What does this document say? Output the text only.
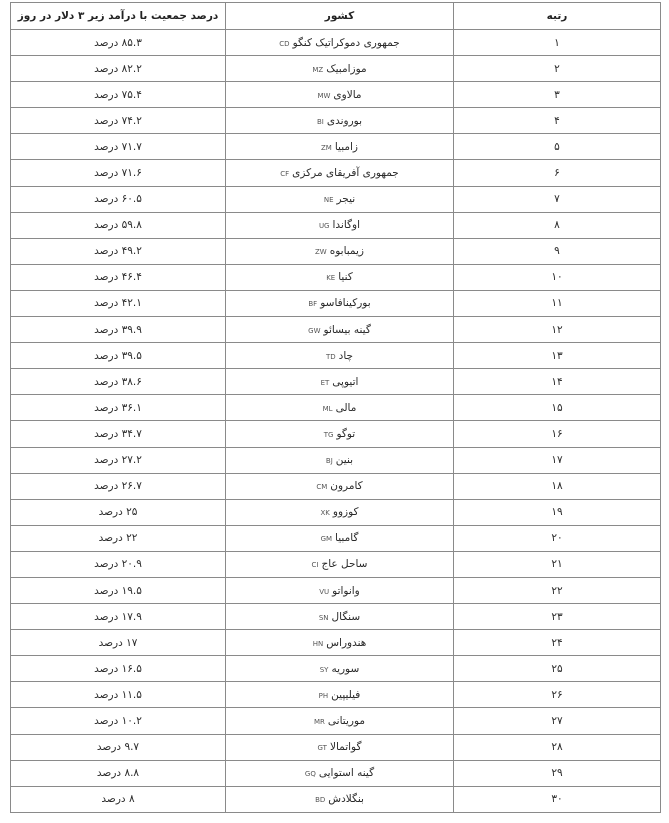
رتبه	کشور	درصد جمعیت با درآمد زیر ۳ دلار در روز
۱	جمهوری دموکراتیک کنگوCD	۸۵.۳ درصد
۲	موزامبیکMZ	۸۲.۲ درصد
۳	مالاویMW	۷۵.۴ درصد
۴	بوروندیBI	۷۴.۲ درصد
۵	زامبیاZM	۷۱.۷ درصد
۶	جمهوری آفریقای مرکزیCF	۷۱.۶ درصد
۷	نیجرNE	۶۰.۵ درصد
۸	اوگانداUG	۵۹.۸ درصد
۹	زیمبابوهZW	۴۹.۲ درصد
۱۰	کنیاKE	۴۶.۴ درصد
۱۱	بورکینافاسوBF	۴۲.۱ درصد
۱۲	گینه بیسائوGW	۳۹.۹ درصد
۱۳	چادTD	۳۹.۵ درصد
۱۴	اتیوپیET	۳۸.۶ درصد
۱۵	مالیML	۳۶.۱ درصد
۱۶	توگوTG	۳۴.۷ درصد
۱۷	بنینBJ	۲۷.۲ درصد
۱۸	کامرونCM	۲۶.۷ درصد
۱۹	کوزووXK	۲۵ درصد
۲۰	گامبیاGM	۲۲ درصد
۲۱	ساحل عاجCI	۲۰.۹ درصد
۲۲	وانواتوVU	۱۹.۵ درصد
۲۳	سنگالSN	۱۷.۹ درصد
۲۴	هندوراسHN	۱۷ درصد
۲۵	سوریهSY	۱۶.۵ درصد
۲۶	فیلیپینPH	۱۱.۵ درصد
۲۷	موریتانیMR	۱۰.۲ درصد
۲۸	گواتمالاGT	۹.۷ درصد
۲۹	گینه استواییGQ	۸.۸ درصد
۳۰	بنگلادشBD	۸ درصد
